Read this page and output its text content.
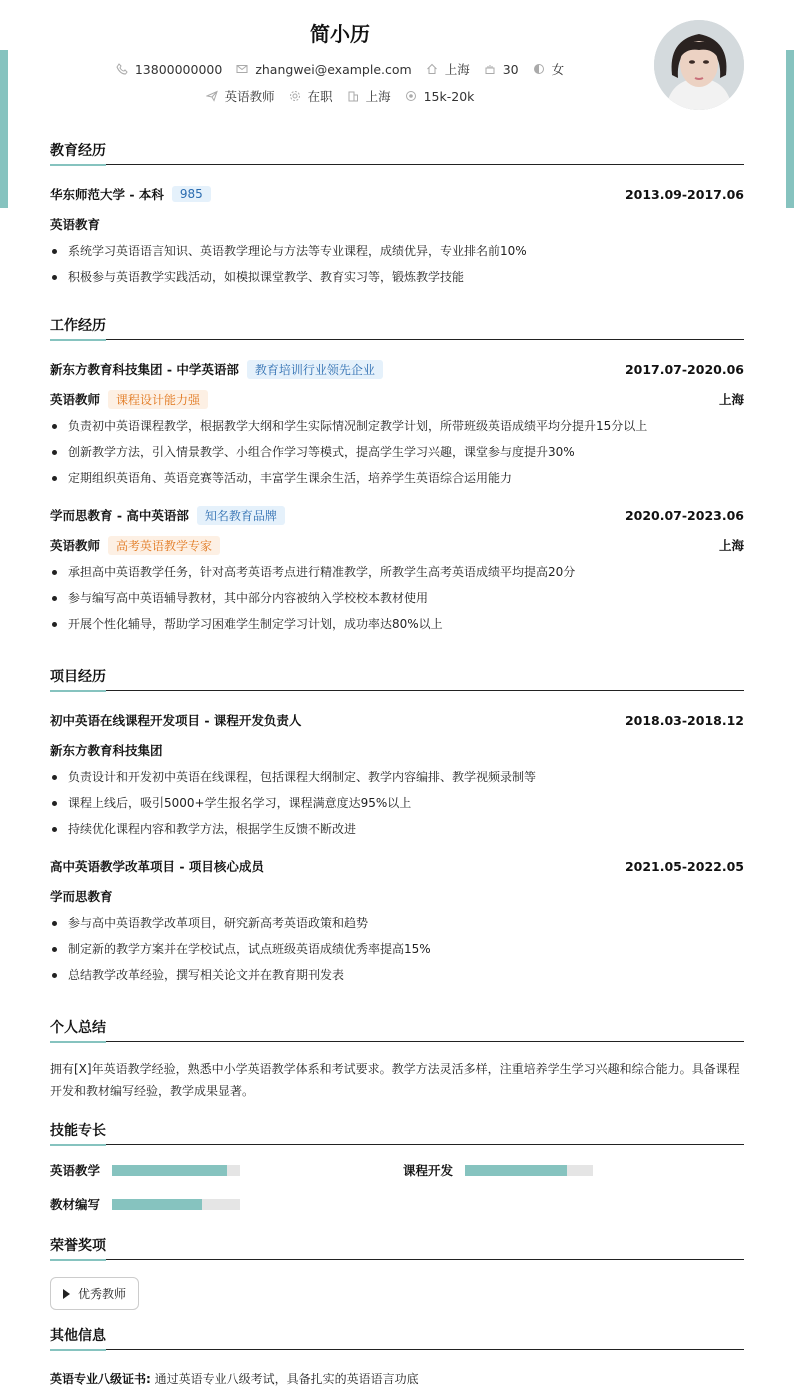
简小历
13800000000	zhangwei@example.com	上海	30	女
英语教师	在职	上海	15k-20k
教育经历
华东师范大学 - 本科	985	2013.09-2017.06
英语教育
系统学习英语语言知识、英语教学理论与方法等专业课程，成绩优异，专业排名前10%
积极参与英语教学实践活动，如模拟课堂教学、教育实习等，锻炼教学技能
工作经历
新东方教育科技集团 - 中学英语部	教育培训行业领先企业	2017.07-2020.06
英语教师	课程设计能力强	上海
负责初中英语课程教学，根据教学大纲和学生实际情况制定教学计划，所带班级英语成绩平均分提升15分以上
创新教学方法，引入情景教学、小组合作学习等模式，提高学生学习兴趣，课堂参与度提升30%
定期组织英语角、英语竞赛等活动，丰富学生课余生活，培养学生英语综合运用能力
学而思教育 - 高中英语部	知名教育品牌	2020.07-2023.06
英语教师	高考英语教学专家	上海
承担高中英语教学任务，针对高考英语考点进行精准教学，所教学生高考英语成绩平均提高20分
参与编写高中英语辅导教材，其中部分内容被纳入学校校本教材使用
开展个性化辅导，帮助学习困难学生制定学习计划，成功率达80%以上
项目经历
初中英语在线课程开发项目 - 课程开发负责人	2018.03-2018.12
新东方教育科技集团
负责设计和开发初中英语在线课程，包括课程大纲制定、教学内容编排、教学视频录制等
课程上线后，吸引5000+学生报名学习，课程满意度达95%以上
持续优化课程内容和教学方法，根据学生反馈不断改进
高中英语教学改革项目 - 项目核心成员	2021.05-2022.05
学而思教育
参与高中英语教学改革项目，研究新高考英语政策和趋势
制定新的教学方案并在学校试点，试点班级英语成绩优秀率提高15%
总结教学改革经验，撰写相关论文并在教育期刊发表
个人总结
拥有[X]年英语教学经验，熟悉中小学英语教学体系和考试要求。教学方法灵活多样，注重培养学生学习兴趣和综合能力。具备课程开发和教材编写经验，教学成果显著。
技能专长
英语教学	课程开发
教材编写
荣誉奖项
优秀教师
其他信息
英语专业八级证书: 通过英语专业八级考试，具备扎实的英语语言功底
